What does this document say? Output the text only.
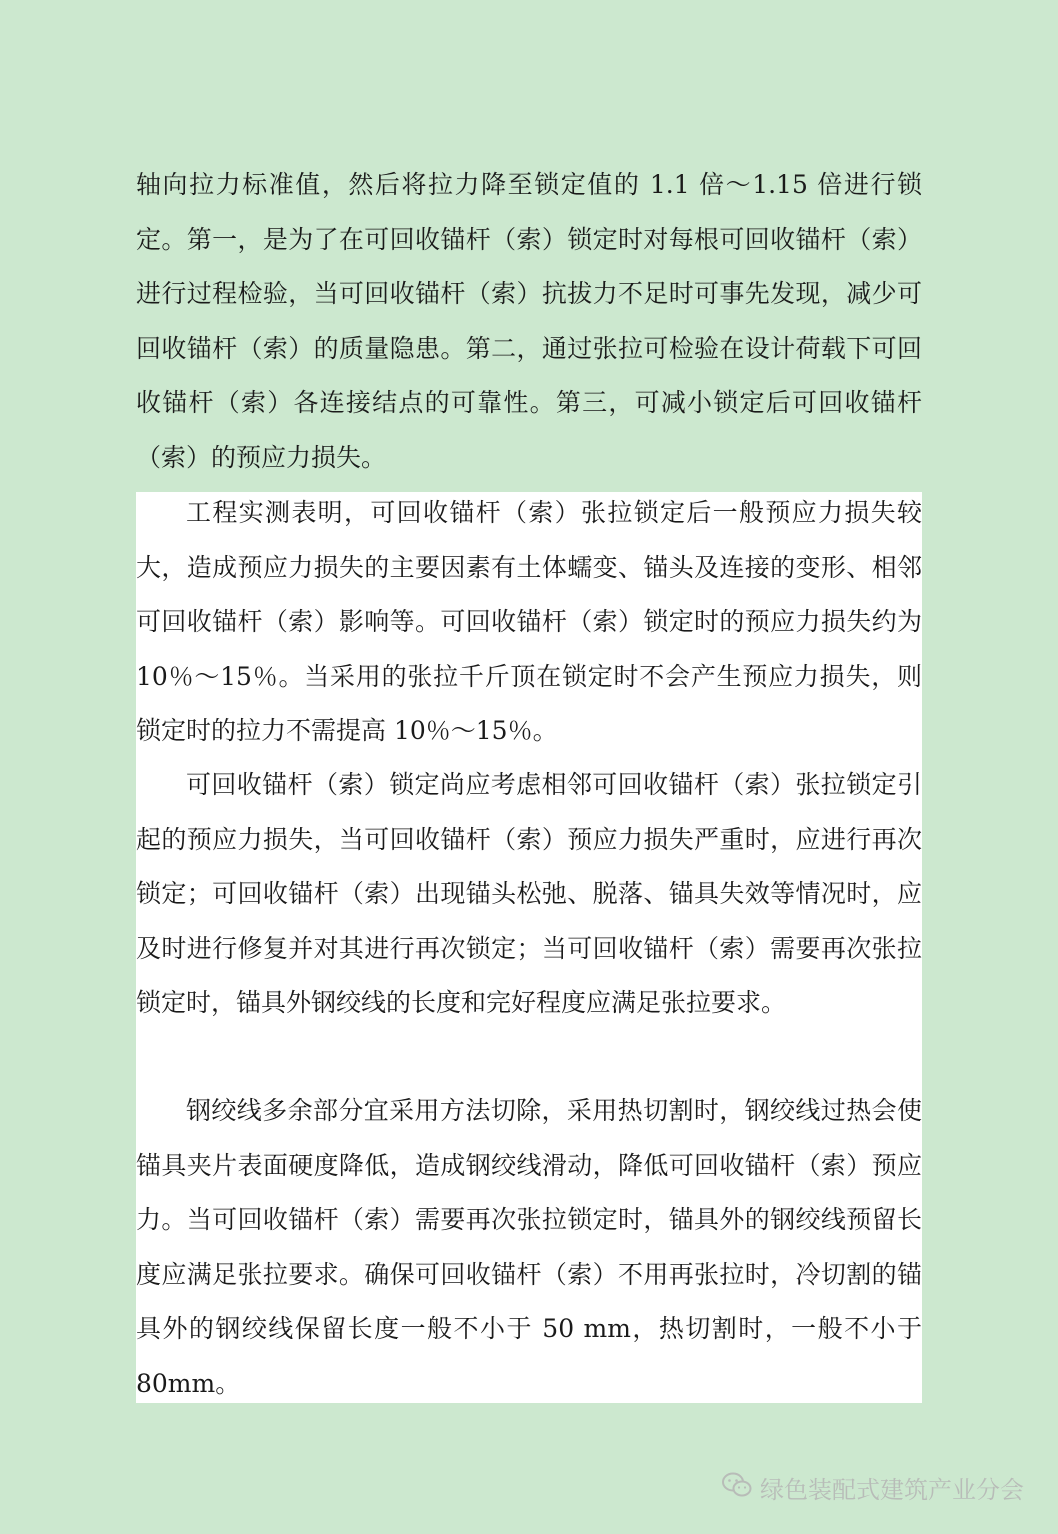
轴向拉力标准值，然后将拉力降至锁定值的 1.1 倍～1.15 倍进行锁定。第一，是为了在可回收锚杆（索）锁定时对每根可回收锚杆（索）进行过程检验，当可回收锚杆（索）抗拔力不足时可事先发现，减少可回收锚杆（索）的质量隐患。第二，通过张拉可检验在设计荷载下可回收锚杆（索）各连接结点的可靠性。第三，可减小锁定后可回收锚杆（索）的预应力损失。

工程实测表明，可回收锚杆（索）张拉锁定后一般预应力损失较大，造成预应力损失的主要因素有土体蠕变、锚头及连接的变形、相邻可回收锚杆（索）影响等。可回收锚杆（索）锁定时的预应力损失约为 10％～15％。当采用的张拉千斤顶在锁定时不会产生预应力损失，则锁定时的拉力不需提高 10％～15％。

可回收锚杆（索）锁定尚应考虑相邻可回收锚杆（索）张拉锁定引起的预应力损失，当可回收锚杆（索）预应力损失严重时，应进行再次锁定；可回收锚杆（索）出现锚头松弛、脱落、锚具失效等情况时，应及时进行修复并对其进行再次锁定；当可回收锚杆（索）需要再次张拉锁定时，锚具外钢绞线的长度和完好程度应满足张拉要求。

钢绞线多余部分宜采用方法切除，采用热切割时，钢绞线过热会使锚具夹片表面硬度降低，造成钢绞线滑动，降低可回收锚杆（索）预应力。当可回收锚杆（索）需要再次张拉锁定时，锚具外的钢绞线预留长度应满足张拉要求。确保可回收锚杆（索）不用再张拉时，冷切割的锚具外的钢绞线保留长度一般不小于 50 mm，热切割时，一般不小于 80mm。

绿色装配式建筑产业分会
